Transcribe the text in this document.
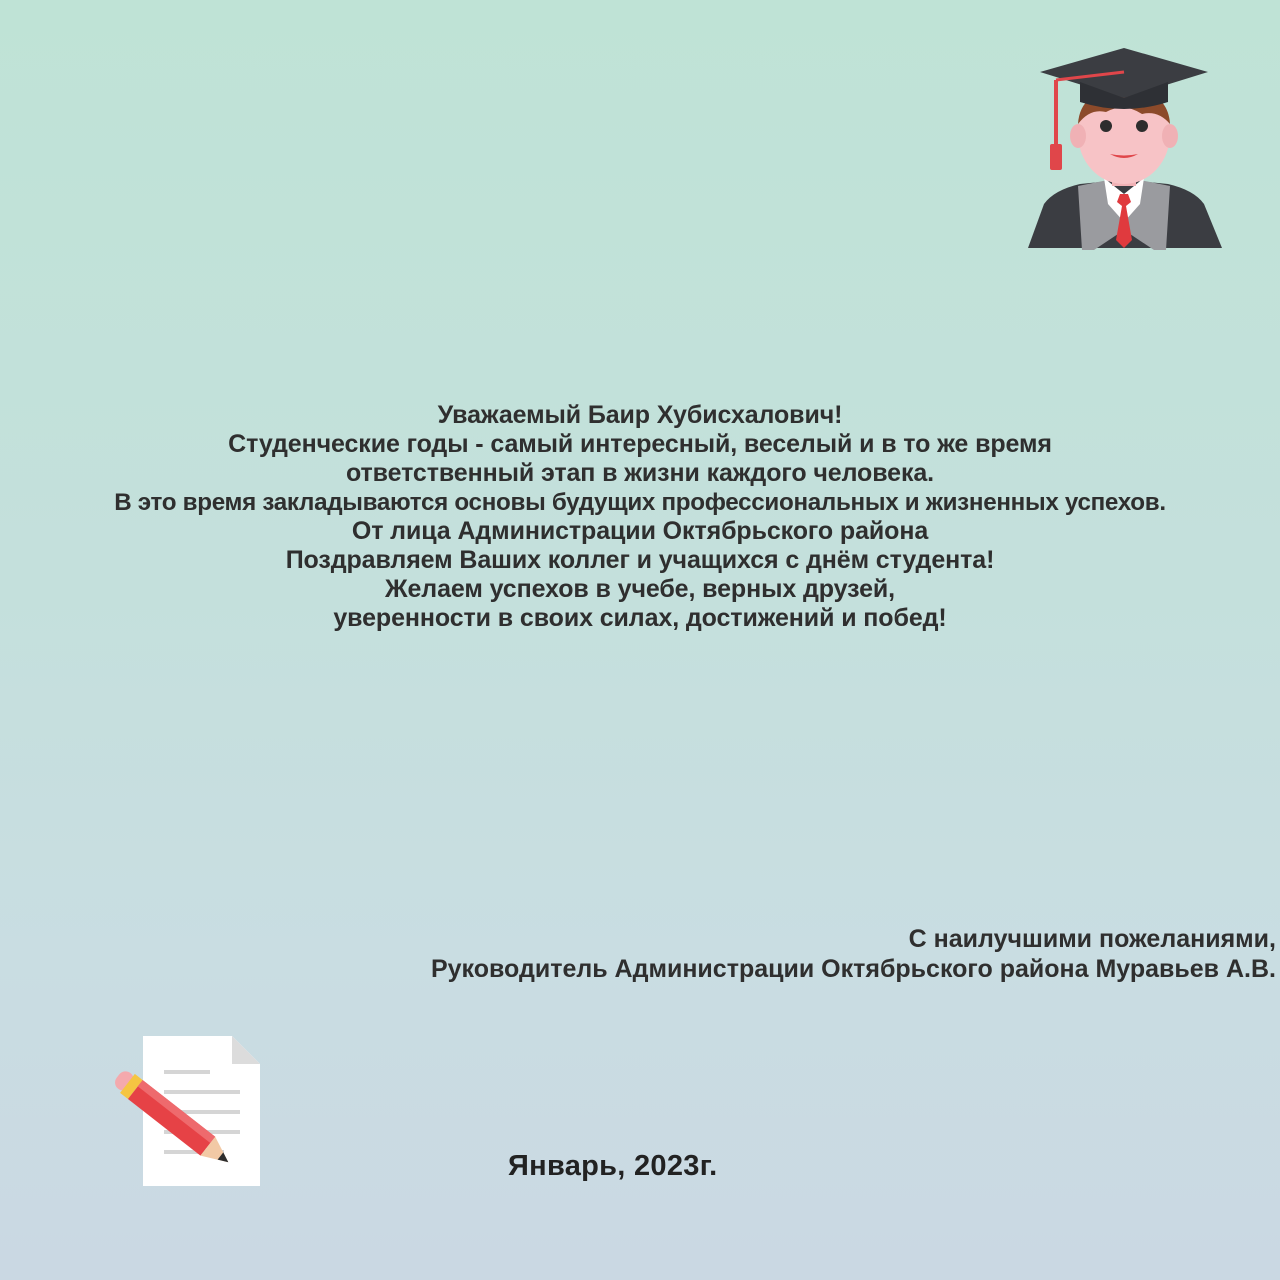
Уважаемый Баир Хубисхалович!
Студенческие годы - самый интересный, веселый и в то же время
ответственный этап в жизни каждого человека.
В это время закладываются основы будущих профессиональных и жизненных успехов.
От лица Администрации Октябрьского района
Поздравляем Ваших коллег и учащихся с днём студента!
Желаем успехов в учебе, верных друзей,
уверенности в своих силах, достижений и побед!
С наилучшими пожеланиями,
Руководитель Администрации Октябрьского района Муравьев А.В.
Январь, 2023г.
